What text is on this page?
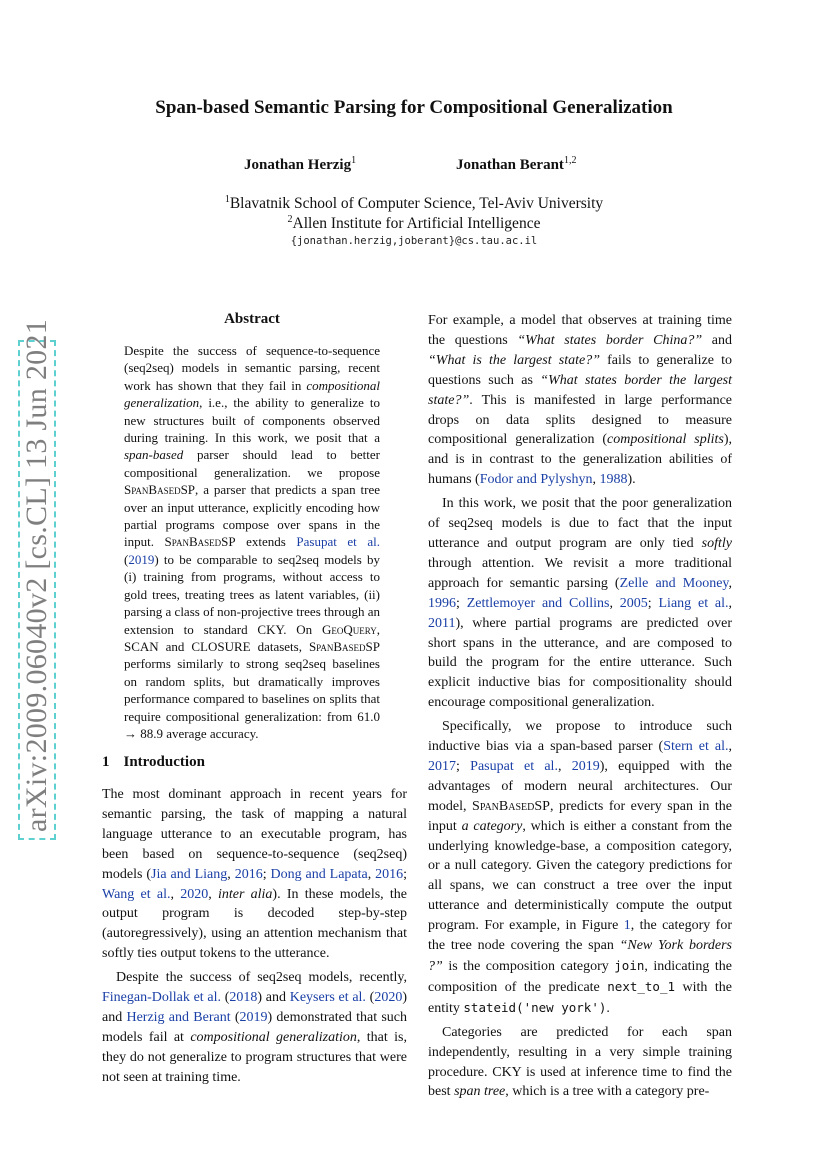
Span-based Semantic Parsing for Compositional Generalization
Jonathan Herzig$^1$	Jonathan Berant$^{1,2}$
$^1$Blavatnik School of Computer Science, Tel-Aviv University
$^2$Allen Institute for Artificial Intelligence
{jonathan.herzig,joberant}@cs.tau.ac.il
arXiv:2009.06040v2 [cs.CL] 13 Jun 2021	Abstract

Despite the success of sequence-to-sequence (seq2seq) models in semantic parsing, recent work has shown that they fail in compositional generalization, i.e., the ability to generalize to new structures built of components observed during training. In this work, we posit that a span-based parser should lead to better compositional generalization. we propose SpanBasedSP, a parser that predicts a span tree over an input utterance, explicitly encoding how partial programs compose over spans in the input. SpanBasedSP extends Pasupat et al. (2019) to be comparable to seq2seq models by (i) training from programs, without access to gold trees, treating trees as latent variables, (ii) parsing a class of non-projective trees through an extension to standard CKY. On GeoQuery, SCAN and CLOSURE datasets, SpanBasedSP performs similarly to strong seq2seq baselines on random splits, but dramatically improves performance compared to baselines on splits that require compositional generalization: from 61.0 → 88.9 average accuracy.

1 Introduction

The most dominant approach in recent years for semantic parsing, the task of mapping a natural language utterance to an executable program, has been based on sequence-to-sequence (seq2seq) models (Jia and Liang, 2016; Dong and Lapata, 2016; Wang et al., 2020, inter alia). In these models, the output program is decoded step-by-step (autoregressively), using an attention mechanism that softly ties output tokens to the utterance.

Despite the success of seq2seq models, recently, Finegan-Dollak et al. (2018) and Keysers et al. (2020) and Herzig and Berant (2019) demonstrated that such models fail at compositional generalization, that is, they do not generalize to program structures that were not seen at training time.

For example, a model that observes at training time the questions “What states border China?” and “What is the largest state?” fails to generalize to questions such as “What states border the largest state?”. This is manifested in large performance drops on data splits designed to measure compositional generalization (compositional splits), and is in contrast to the generalization abilities of humans (Fodor and Pylyshyn, 1988).

In this work, we posit that the poor generalization of seq2seq models is due to fact that the input utterance and output program are only tied softly through attention. We revisit a more traditional approach for semantic parsing (Zelle and Mooney, 1996; Zettlemoyer and Collins, 2005; Liang et al., 2011), where partial programs are predicted over short spans in the utterance, and are composed to build the program for the entire utterance. Such explicit inductive bias for compositionality should encourage compositional generalization.

Specifically, we propose to introduce such inductive bias via a span-based parser (Stern et al., 2017; Pasupat et al., 2019), equipped with the advantages of modern neural architectures. Our model, SpanBasedSP, predicts for every span in the input a category, which is either a constant from the underlying knowledge-base, a composition category, or a null category. Given the category predictions for all spans, we can construct a tree over the input utterance and deterministically compute the output program. For example, in Figure 1, the category for the tree node covering the span “New York borders ?” is the composition category join, indicating the composition of the predicate next_to_1 with the entity stateid('new york').

Categories are predicted for each span independently, resulting in a very simple training procedure. CKY is used at inference time to find the best span tree, which is a tree with a category pre-
